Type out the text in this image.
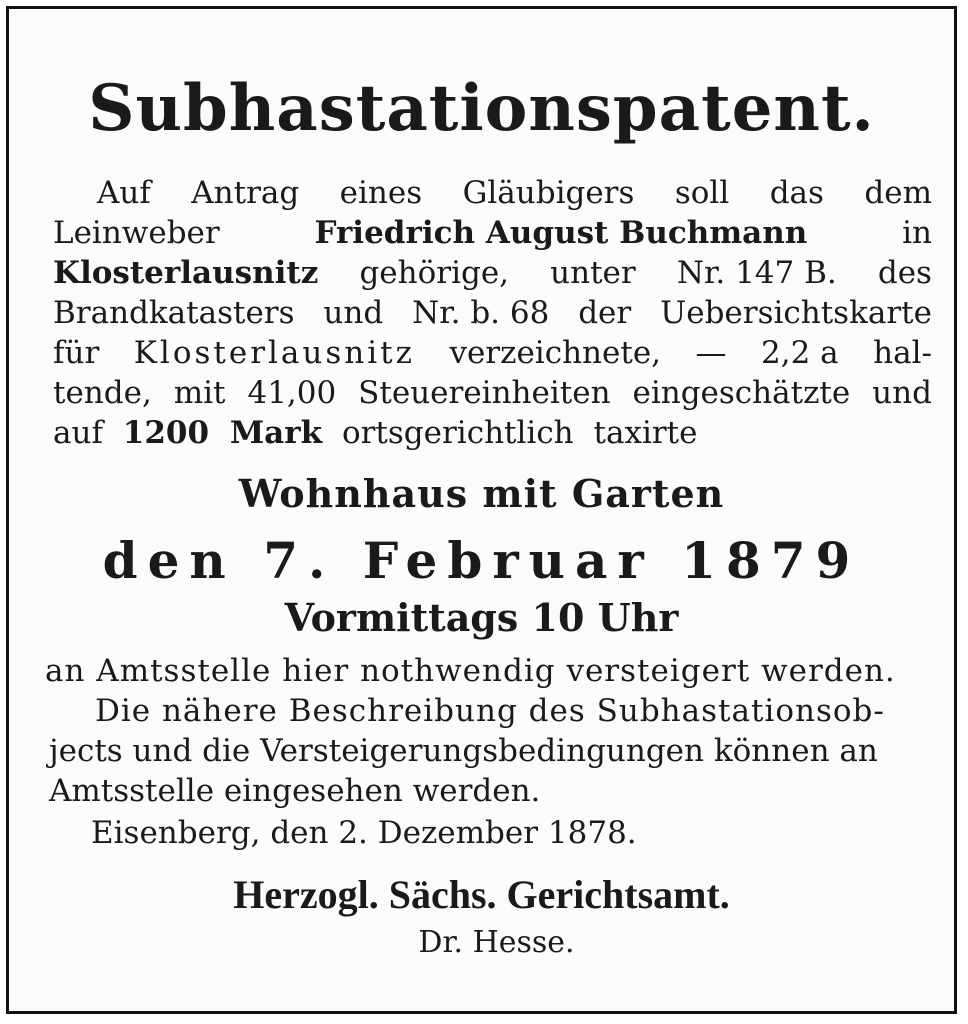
Subhastationspatent.
Auf Antrag eines Gläubigers soll das dem
Leinweber	Friedrich August Buchmann	in
Klosterlausnitz gehörige, unter Nr. 147 B. des
Brandkatasters und Nr. b. 68 der Uebersichtskarte
für Klosterlausnitz verzeichnete, — 2,2 a hal-
tende, mit 41,00 Steuereinheiten eingeschätzte und
auf 1200 Mark ortsgerichtlich taxirte
Wohnhaus mit Garten
den 7. Februar 1879
Vormittags 10 Uhr
an Amtsstelle hier nothwendig versteigert werden.
Die nähere Beschreibung des Subhastationsob-
jects und die Versteigerungsbedingungen können an
Amtsstelle eingesehen werden.
Eisenberg, den 2. Dezember 1878.
Herzogl. Sächs. Gerichtsamt.
Dr. Hesse.
